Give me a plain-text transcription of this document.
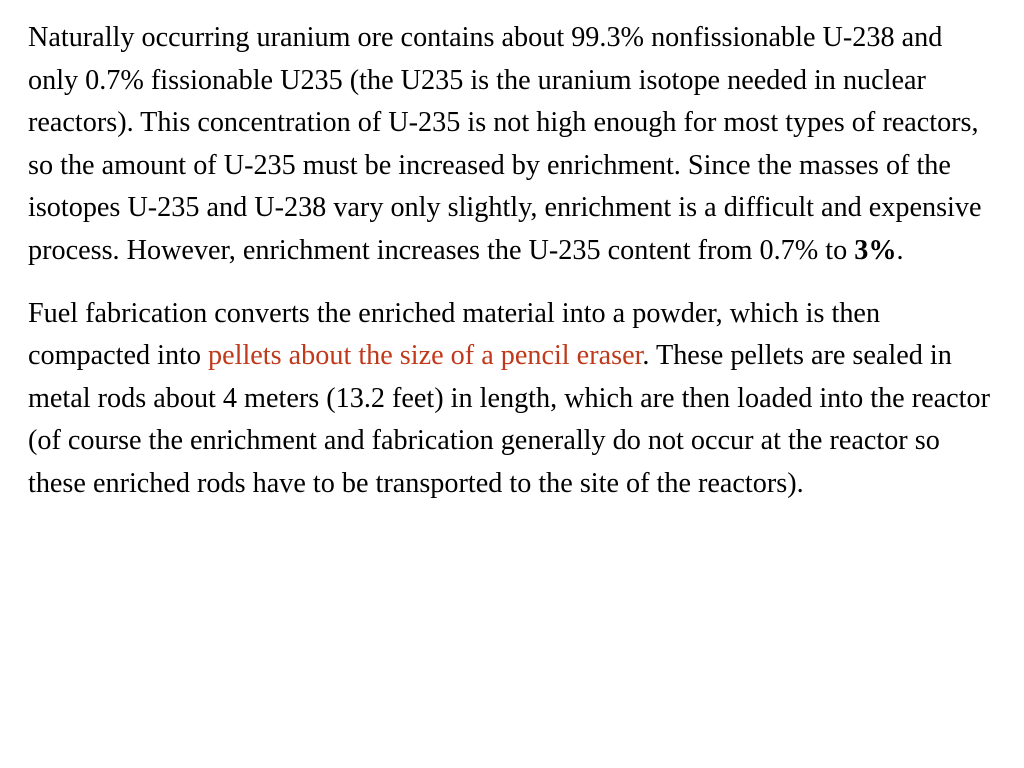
Naturally occurring uranium ore contains about 99.3% nonfissionable U-238 and only 0.7% fissionable U235 (the U235 is the uranium isotope needed in nuclear reactors). This concentration of U-235 is not high enough for most types of reactors, so the amount of U-235 must be increased by enrichment. Since the masses of the isotopes U-235 and U-238 vary only slightly, enrichment is a difficult and expensive process. However, enrichment increases the U-235 content from 0.7% to 3%.

Fuel fabrication converts the enriched material into a powder, which is then compacted into pellets about the size of a pencil eraser. These pellets are sealed in metal rods about 4 meters (13.2 feet) in length, which are then loaded into the reactor (of course the enrichment and fabrication generally do not occur at the reactor so these enriched rods have to be transported to the site of the reactors).
